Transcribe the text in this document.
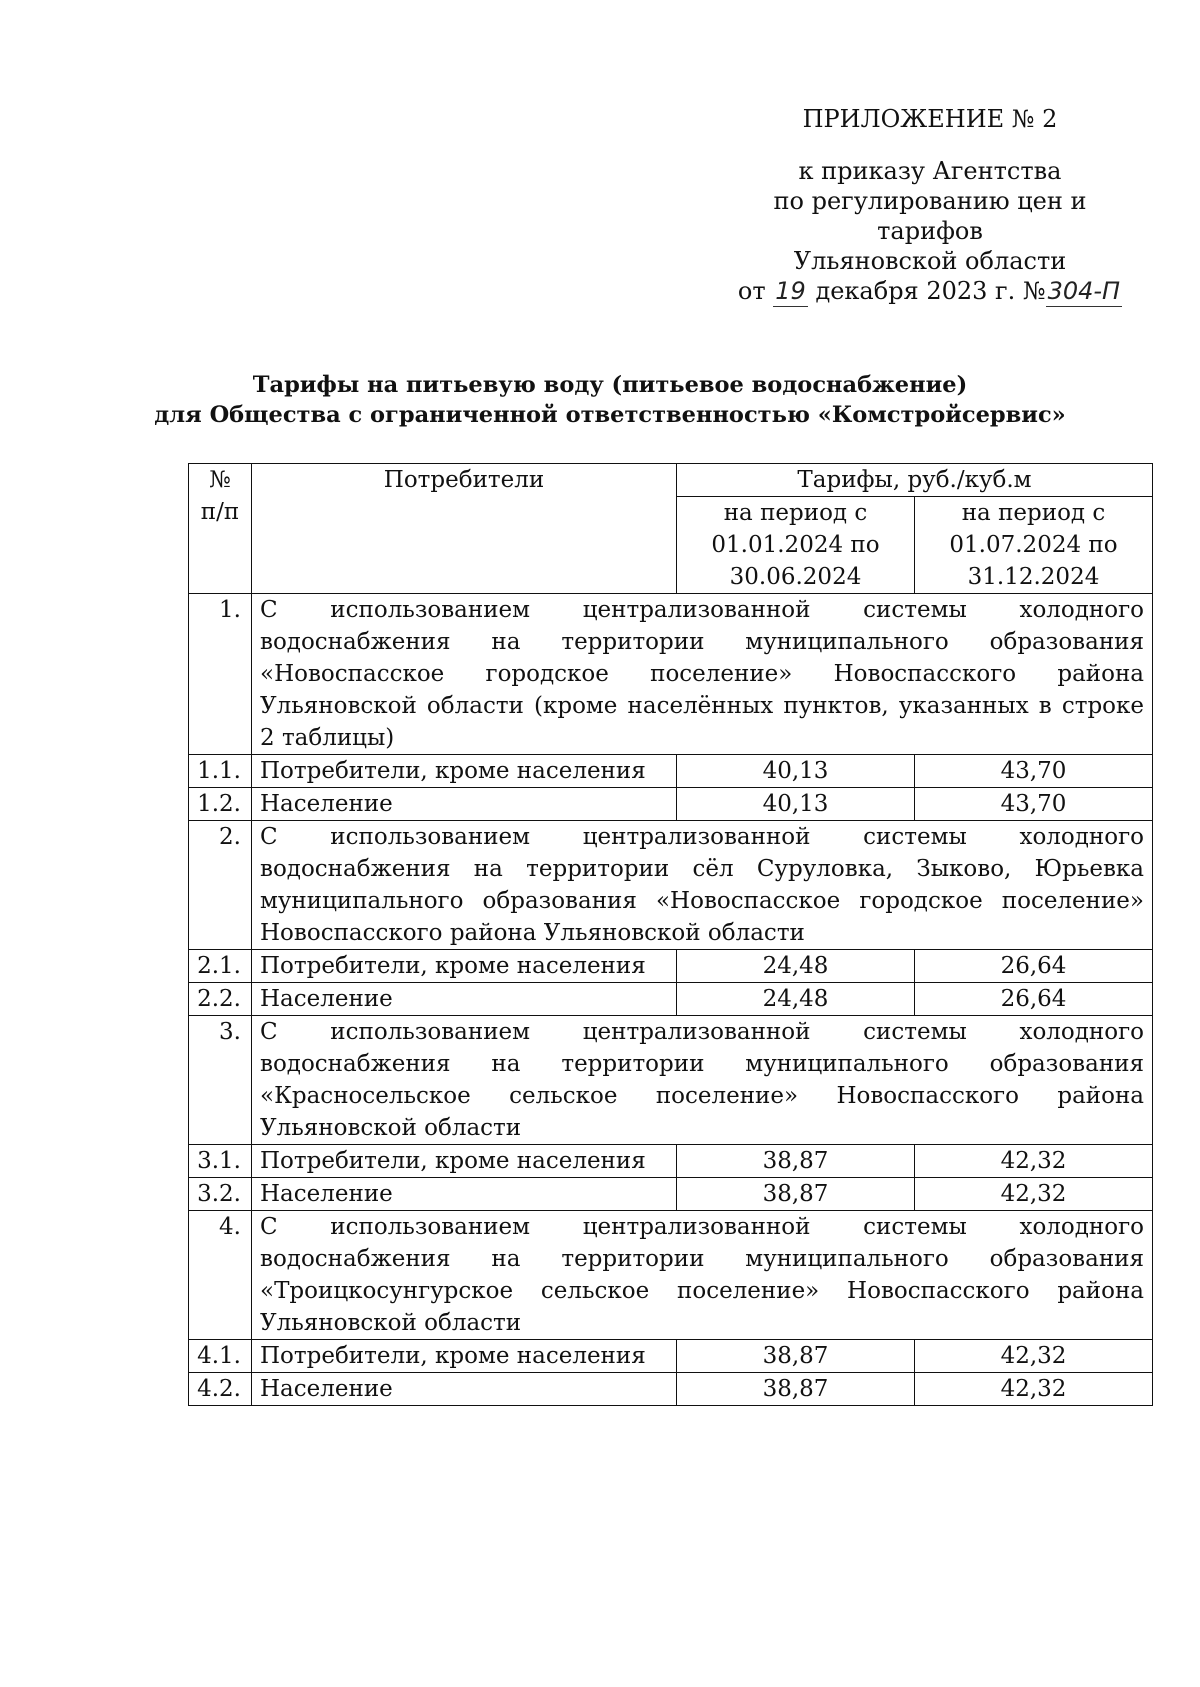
ПРИЛОЖЕНИЕ № 2
к приказу Агентства
по регулированию цен и тарифов
Ульяновской области
от 19 декабря 2023 г. №304-П
Тарифы на питьевую воду (питьевое водоснабжение)
для Общества с ограниченной ответственностью «Комстройсервис»
№ п/п	Потребители	Тарифы, руб./куб.м	
		на период с 01.01.2024 по 30.06.2024	на период с 01.07.2024 по 31.12.2024
1.	С использованием централизованной системы холодного водоснабжения на территории муниципального образования «Новоспасское городское поселение» Новоспасского района Ульяновской области (кроме населённых пунктов, указанных в строке 2 таблицы)		
1.1.	Потребители, кроме населения	40,13	43,70
1.2.	Население	40,13	43,70
2.	С использованием централизованной системы холодного водоснабжения на территории сёл Суруловка, Зыково, Юрьевка муниципального образования «Новоспасское городское поселение» Новоспасского района Ульяновской области		
2.1.	Потребители, кроме населения	24,48	26,64
2.2.	Население	24,48	26,64
3.	С использованием централизованной системы холодного водоснабжения на территории муниципального образования «Красносельское сельское поселение» Новоспасского района Ульяновской области		
3.1.	Потребители, кроме населения	38,87	42,32
3.2.	Население	38,87	42,32
4.	С использованием централизованной системы холодного водоснабжения на территории муниципального образования «Троицкосунгурское сельское поселение» Новоспасского района Ульяновской области		
4.1.	Потребители, кроме населения	38,87	42,32
4.2.	Население	38,87	42,32
